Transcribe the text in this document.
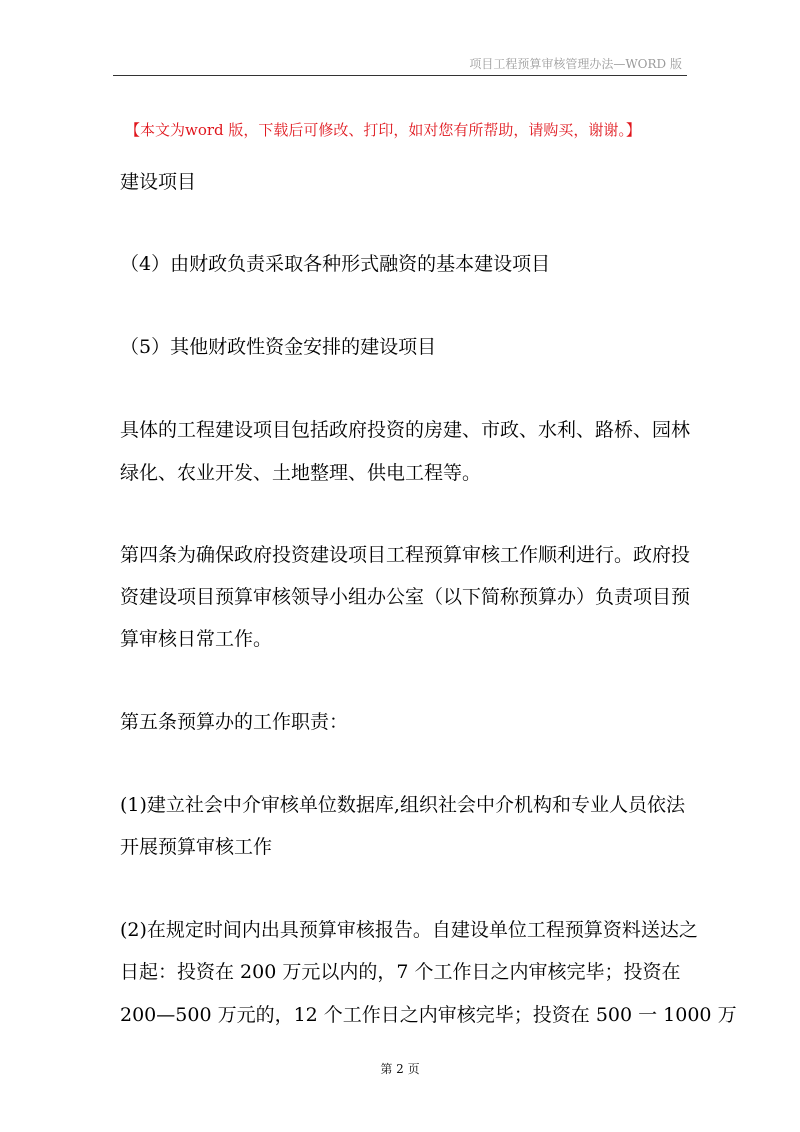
项目工程预算审核管理办法—WORD 版
【本文为word 版，下载后可修改、打印，如对您有所帮助，请购买，谢谢。】
建设项目
（4）由财政负责采取各种形式融资的基本建设项目
（5）其他财政性资金安排的建设项目
具体的工程建设项目包括政府投资的房建、市政、水利、路桥、园林
绿化、农业开发、土地整理、供电工程等。
第四条为确保政府投资建设项目工程预算审核工作顺利进行。政府投
资建设项目预算审核领导小组办公室（以下简称预算办）负责项目预
算审核日常工作。
第五条预算办的工作职责：
(1)建立社会中介审核单位数据库,组织社会中介机构和专业人员依法
开展预算审核工作
(2)在规定时间内出具预算审核报告。自建设单位工程预算资料送达之
日起：投资在 200 万元以内的，7 个工作日之内审核完毕；投资在
200—500 万元的，12 个工作日之内审核完毕；投资在 500 一 1000 万
第 2 页
